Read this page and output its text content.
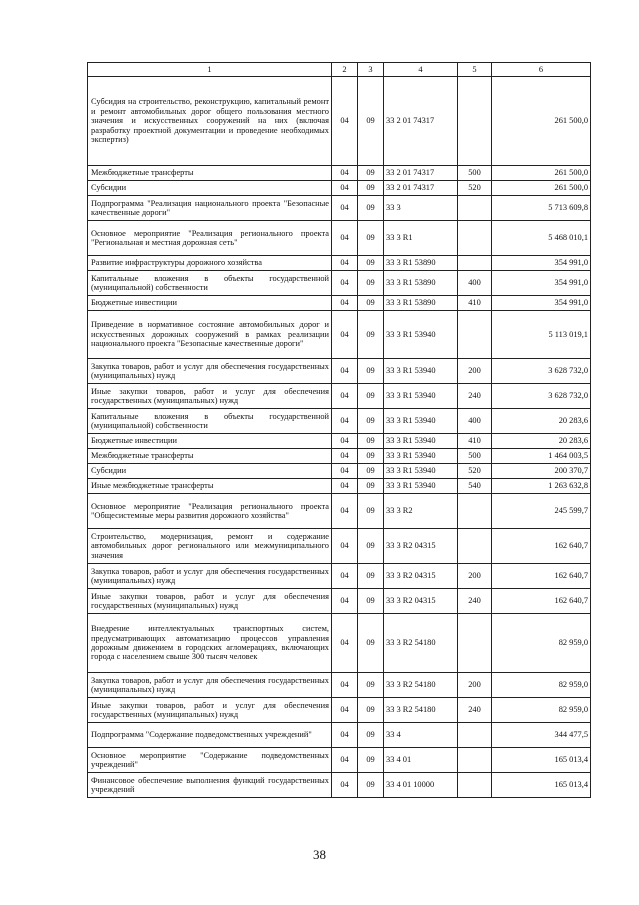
1	2	3	4	5	6
Субсидия на строительство, реконструкцию, капитальный ремонт и ремонт автомобильных дорог общего пользования местного значения и искусственных сооружений на них (включая разработку проектной документации и проведение необходимых экспертиз)	04	09	33 2 01 74317		261 500,0
Межбюджетные трансферты	04	09	33 2 01 74317	500	261 500,0
Субсидии	04	09	33 2 01 74317	520	261 500,0
Подпрограмма "Реализация национального проекта "Безопасные качественные дороги"	04	09	33 3		5 713 609,8
Основное мероприятие "Реализация регионального проекта "Региональная и местная дорожная сеть"	04	09	33 3 R1		5 468 010,1
Развитие инфраструктуры дорожного хозяйства	04	09	33 3 R1 53890		354 991,0
Капитальные вложения в объекты государственной (муниципальной) собственности	04	09	33 3 R1 53890	400	354 991,0
Бюджетные инвестиции	04	09	33 3 R1 53890	410	354 991,0
Приведение в нормативное состояние автомобильных дорог и искусственных дорожных сооружений в рамках реализации национального проекта "Безопасные качественные дороги"	04	09	33 3 R1 53940		5 113 019,1
Закупка товаров, работ и услуг для обеспечения государственных (муниципальных) нужд	04	09	33 3 R1 53940	200	3 628 732,0
Иные закупки товаров, работ и услуг для обеспечения государственных (муниципальных) нужд	04	09	33 3 R1 53940	240	3 628 732,0
Капитальные вложения в объекты государственной (муниципальной) собственности	04	09	33 3 R1 53940	400	20 283,6
Бюджетные инвестиции	04	09	33 3 R1 53940	410	20 283,6
Межбюджетные трансферты	04	09	33 3 R1 53940	500	1 464 003,5
Субсидии	04	09	33 3 R1 53940	520	200 370,7
Иные межбюджетные трансферты	04	09	33 3 R1 53940	540	1 263 632,8
Основное мероприятие "Реализация регионального проекта "Общесистемные меры развития дорожного хозяйства"	04	09	33 3 R2		245 599,7
Строительство, модернизация, ремонт и содержание автомобильных дорог регионального или межмуниципального значения	04	09	33 3 R2 04315		162 640,7
Закупка товаров, работ и услуг для обеспечения государственных (муниципальных) нужд	04	09	33 3 R2 04315	200	162 640,7
Иные закупки товаров, работ и услуг для обеспечения государственных (муниципальных) нужд	04	09	33 3 R2 04315	240	162 640,7
Внедрение интеллектуальных транспортных систем, предусматривающих автоматизацию процессов управления дорожным движением в городских агломерациях, включающих города с населением свыше 300 тысяч человек	04	09	33 3 R2 54180		82 959,0
Закупка товаров, работ и услуг для обеспечения государственных (муниципальных) нужд	04	09	33 3 R2 54180	200	82 959,0
Иные закупки товаров, работ и услуг для обеспечения государственных (муниципальных) нужд	04	09	33 3 R2 54180	240	82 959,0
Подпрограмма "Содержание подведомственных учреждений"	04	09	33 4		344 477,5
Основное мероприятие "Содержание подведомственных учреждений"	04	09	33 4 01		165 013,4
Финансовое обеспечение выполнения функций государственных учреждений	04	09	33 4 01 10000		165 013,4
38
